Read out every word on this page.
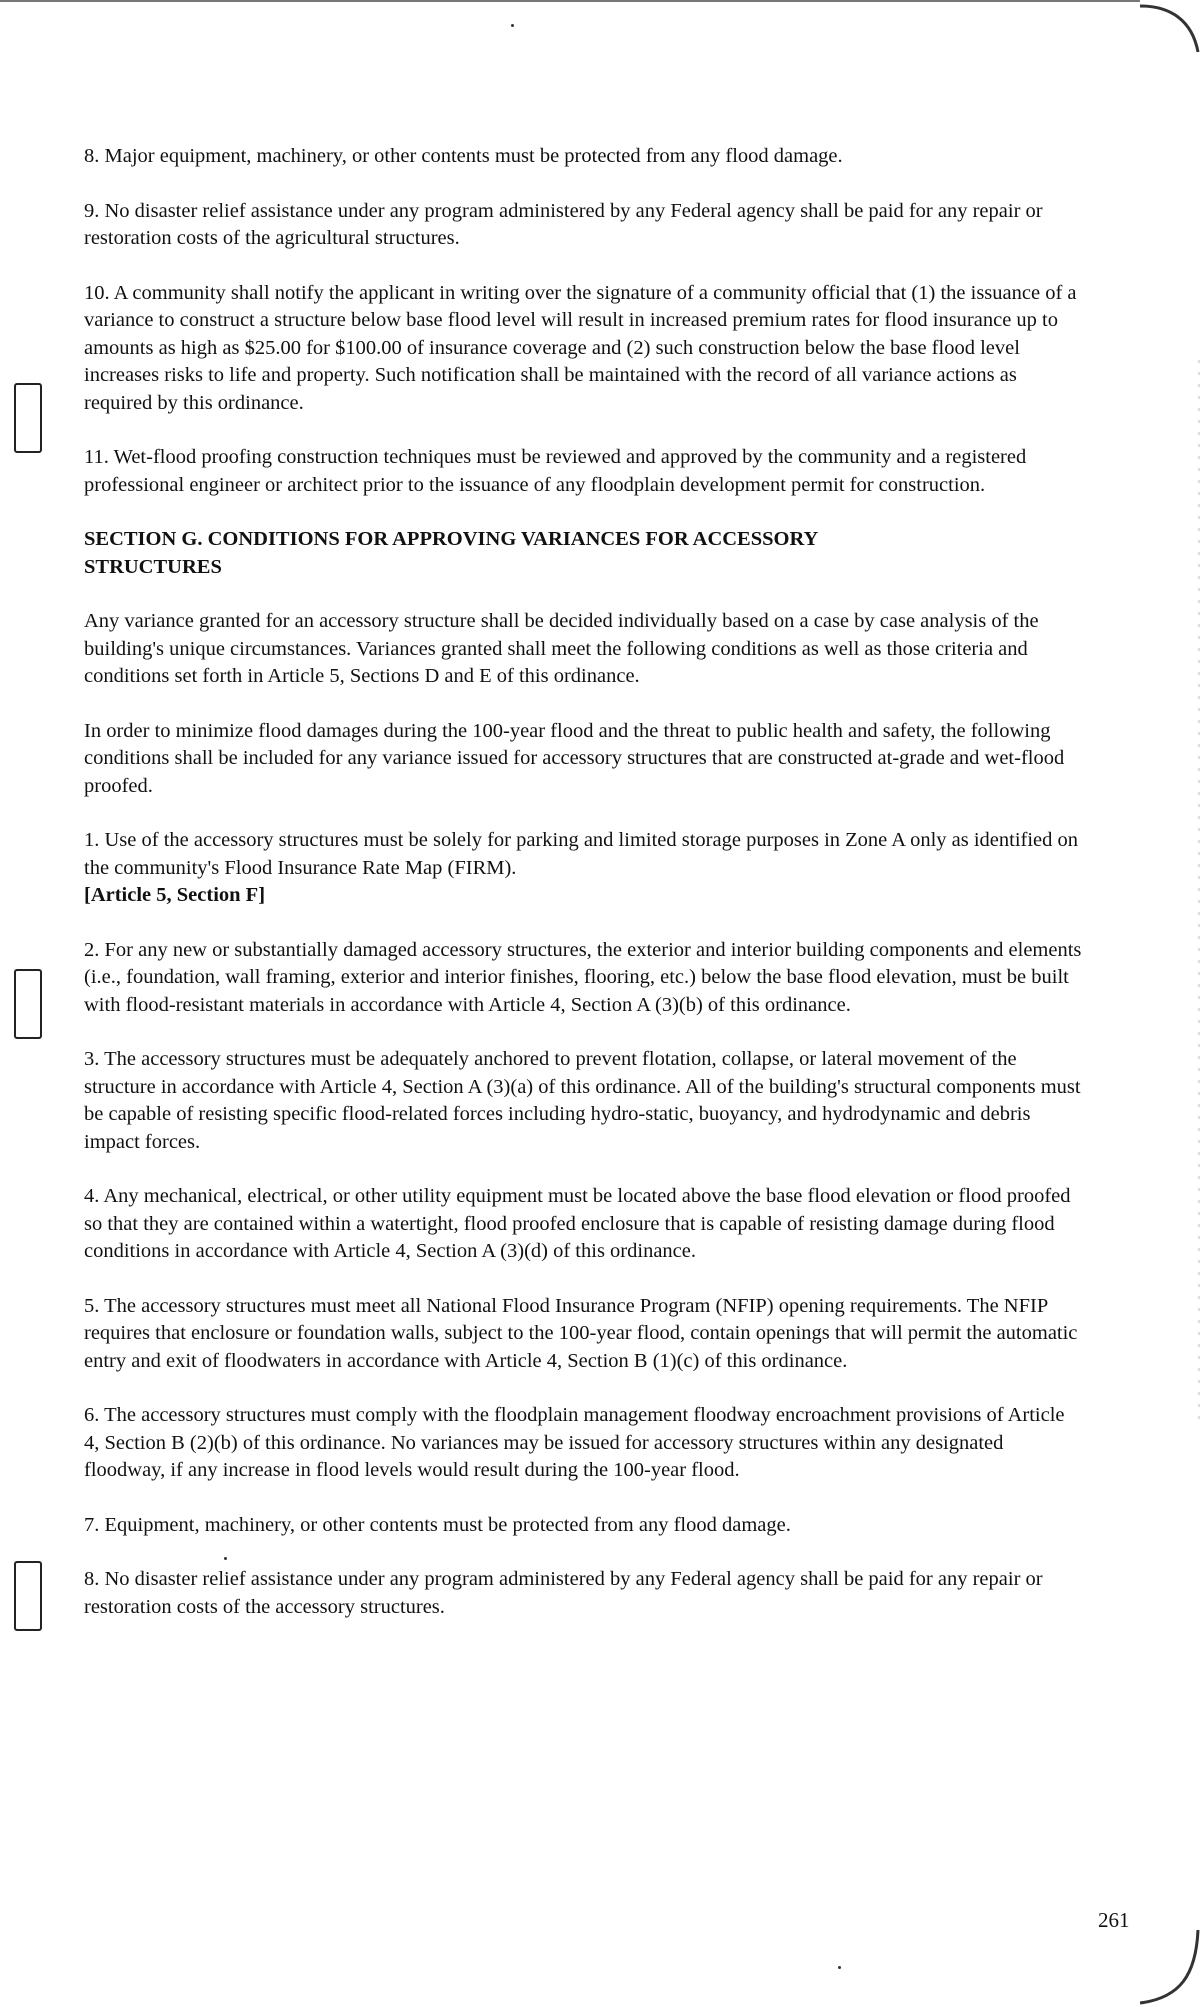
8. Major equipment, machinery, or other contents must be protected from any flood damage.

9. No disaster relief assistance under any program administered by any Federal agency shall be paid for any repair or restoration costs of the agricultural structures.

10. A community shall notify the applicant in writing over the signature of a community official that (1) the issuance of a variance to construct a structure below base flood level will result in increased premium rates for flood insurance up to amounts as high as $25.00 for $100.00 of insurance coverage and (2) such construction below the base flood level increases risks to life and property. Such notification shall be maintained with the record of all variance actions as required by this ordinance.

11. Wet-flood proofing construction techniques must be reviewed and approved by the community and a registered professional engineer or architect prior to the issuance of any floodplain development permit for construction.

SECTION G. CONDITIONS FOR APPROVING VARIANCES FOR ACCESSORY

STRUCTURES

Any variance granted for an accessory structure shall be decided individually based on a case by case analysis of the building's unique circumstances. Variances granted shall meet the following conditions as well as those criteria and conditions set forth in Article 5, Sections D and E of this ordinance.

In order to minimize flood damages during the 100-year flood and the threat to public health and safety, the following conditions shall be included for any variance issued for accessory structures that are constructed at-grade and wet-flood proofed.

1. Use of the accessory structures must be solely for parking and limited storage purposes in Zone A only as identified on the community's Flood Insurance Rate Map (FIRM).

[Article 5, Section F]

2. For any new or substantially damaged accessory structures, the exterior and interior building components and elements (i.e., foundation, wall framing, exterior and interior finishes, flooring, etc.) below the base flood elevation, must be built with flood-resistant materials in accordance with Article 4, Section A (3)(b) of this ordinance.

3. The accessory structures must be adequately anchored to prevent flotation, collapse, or lateral movement of the structure in accordance with Article 4, Section A (3)(a) of this ordinance. All of the building's structural components must be capable of resisting specific flood-related forces including hydro-static, buoyancy, and hydrodynamic and debris impact forces.

4. Any mechanical, electrical, or other utility equipment must be located above the base flood elevation or flood proofed so that they are contained within a watertight, flood proofed enclosure that is capable of resisting damage during flood conditions in accordance with Article 4, Section A (3)(d) of this ordinance.

5. The accessory structures must meet all National Flood Insurance Program (NFIP) opening requirements. The NFIP requires that enclosure or foundation walls, subject to the 100-year flood, contain openings that will permit the automatic entry and exit of floodwaters in accordance with Article 4, Section B (1)(c) of this ordinance.

6. The accessory structures must comply with the floodplain management floodway encroachment provisions of Article 4, Section B (2)(b) of this ordinance. No variances may be issued for accessory structures within any designated floodway, if any increase in flood levels would result during the 100-year flood.

7. Equipment, machinery, or other contents must be protected from any flood damage.

8. No disaster relief assistance under any program administered by any Federal agency shall be paid for any repair or restoration costs of the accessory structures.

261
